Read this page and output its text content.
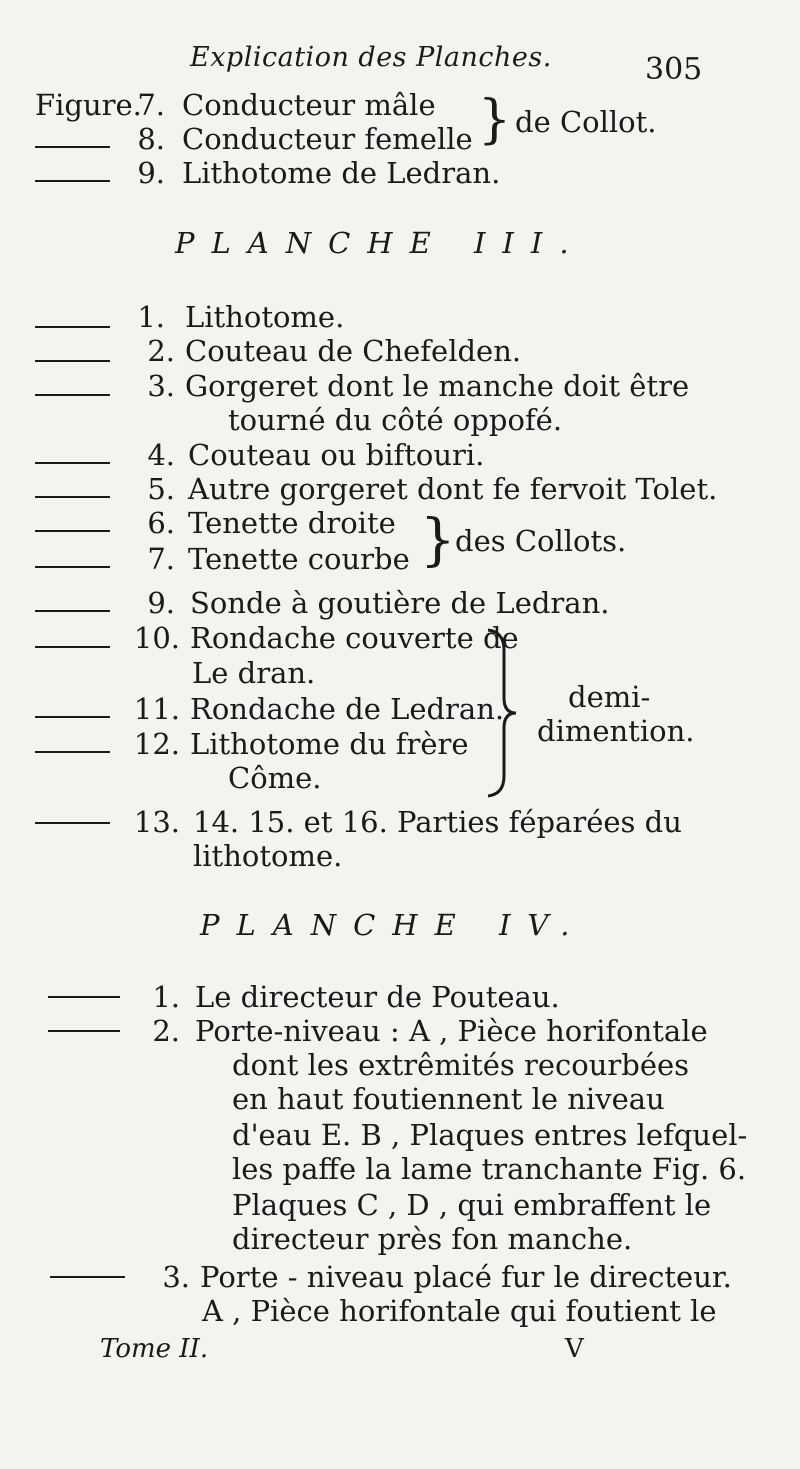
Explication des Planches.	305
Figure.
7. Conducteur mâle
8. Conducteur femelle
9. Lithotome de Ledran.
} de Collot.
PLANCHE III.
1. Lithotome.
2. Couteau de Chefelden.
3. Gorgeret dont le manche doit être
tourné du côté oppofé.
4. Couteau ou biftouri.
5. Autre gorgeret dont fe fervoit Tolet.
6. Tenette droite
7. Tenette courbe } des Collots.
9. Sonde à goutière de Ledran.
10. Rondache couverte de
Le dran.
11. Rondache de Ledran.
12. Lithotome du frère
Côme.
demi-
dimention.
13. 14. 15. et 16. Parties féparées du
lithotome.
PLANCHE IV.
1. Le directeur de Pouteau.
2. Porte-niveau : A , Pièce horifontale
dont les extrêmités recourbées
en haut foutiennent le niveau
d'eau E. B , Plaques entres lefquel-
les paffe la lame tranchante Fig. 6.
Plaques C , D , qui embraffent le
directeur près fon manche.
3. Porte - niveau placé fur le directeur.
A , Pièce horifontale qui foutient le
Tome II.	V
